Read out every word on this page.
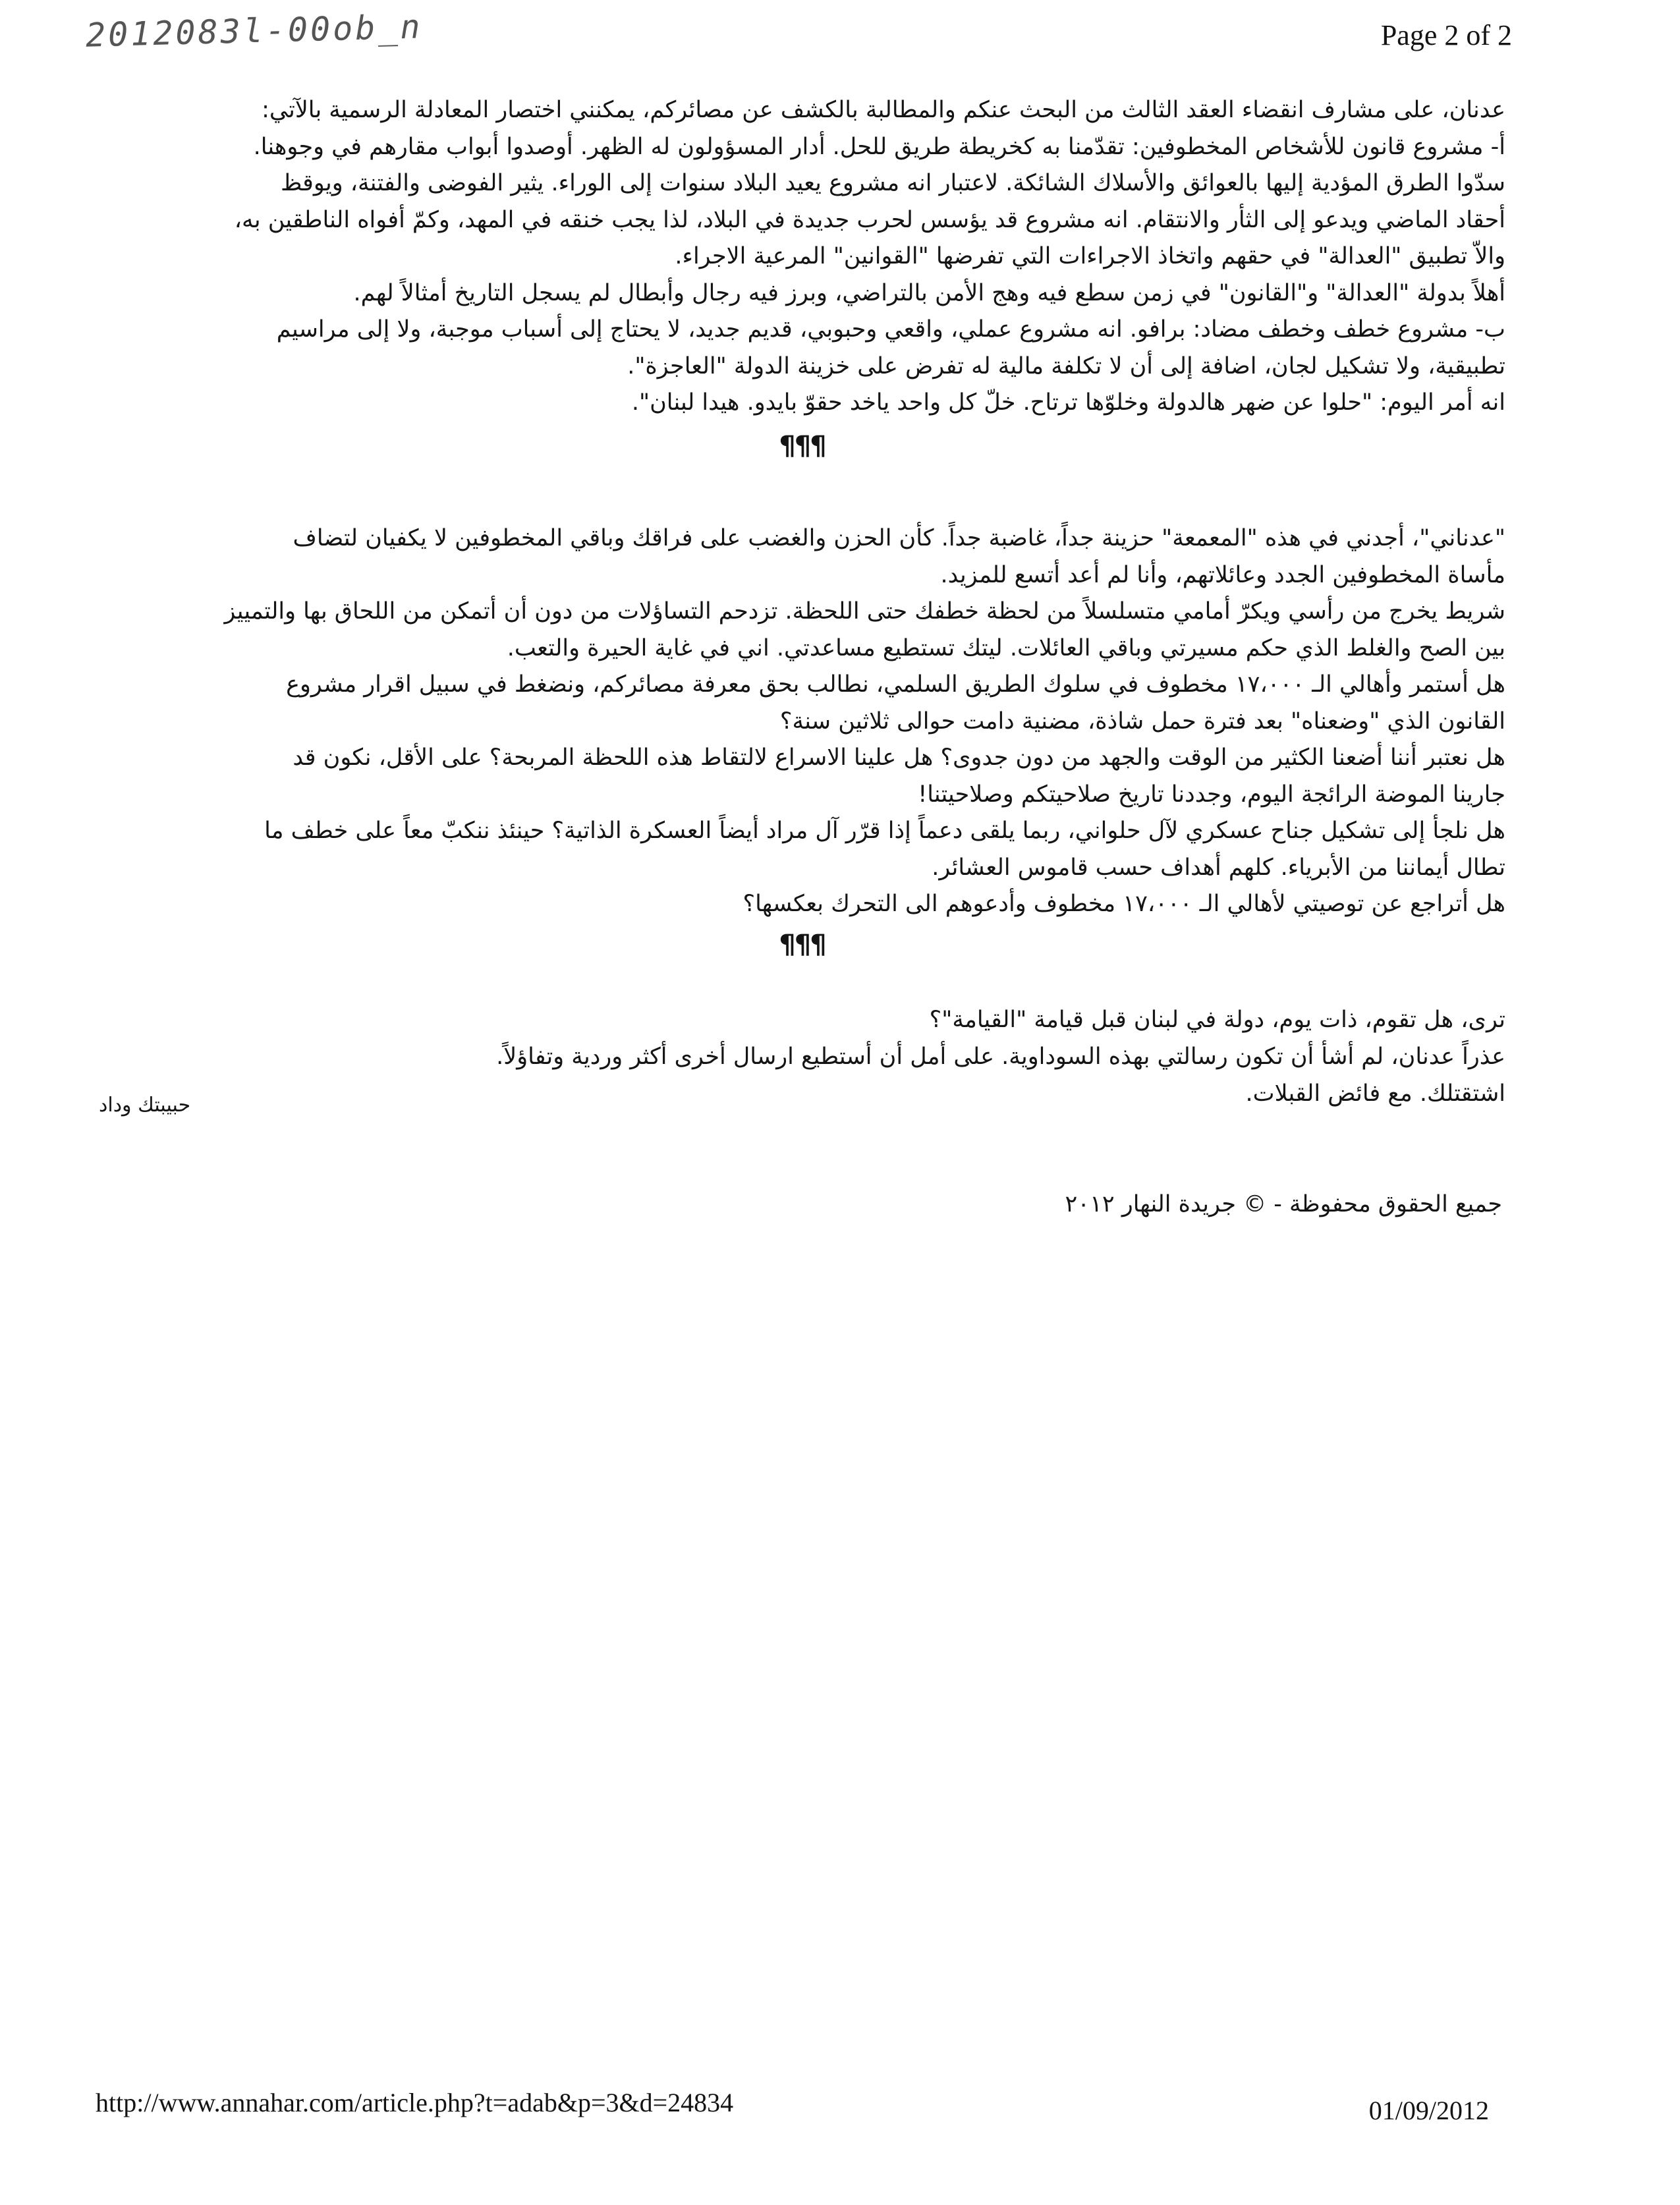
2012083l-00ob_n	Page 2 of 2

عدنان، على مشارف انقضاء العقد الثالث من البحث عنكم والمطالبة بالكشف عن مصائركم، يمكنني اختصار المعادلة الرسمية بالآتي:

أ- مشروع قانون للأشخاص المخطوفين: تقدّمنا به كخريطة طريق للحل. أدار المسؤولون له الظهر. أوصدوا أبواب مقارهم في وجوهنا.

سدّوا الطرق المؤدية إليها بالعوائق والأسلاك الشائكة. لاعتبار انه مشروع يعيد البلاد سنوات إلى الوراء. يثير الفوضى والفتنة، ويوقظ

أحقاد الماضي ويدعو إلى الثأر والانتقام. انه مشروع قد يؤسس لحرب جديدة في البلاد، لذا يجب خنقه في المهد، وكمّ أفواه الناطقين به،

والاّ تطبيق "العدالة" في حقهم واتخاذ الاجراءات التي تفرضها "القوانين" المرعية الاجراء.

أهلاً بدولة "العدالة" و"القانون" في زمن سطع فيه وهج الأمن بالتراضي، وبرز فيه رجال وأبطال لم يسجل التاريخ أمثالاً لهم.

ب- مشروع خطف وخطف مضاد: برافو. انه مشروع عملي، واقعي وحبوبي، قديم جديد، لا يحتاج إلى أسباب موجبة، ولا إلى مراسيم

تطبيقية، ولا تشكيل لجان، اضافة إلى أن لا تكلفة مالية له تفرض على خزينة الدولة "العاجزة".

انه أمر اليوم: "حلوا عن ضهر هالدولة وخلوّها ترتاح. خلّ كل واحد ياخد حقوّ بايدو. هيدا لبنان".

¶¶¶

"عدناني"، أجدني في هذه "المعمعة" حزينة جداً، غاضبة جداً. كأن الحزن والغضب على فراقك وباقي المخطوفين لا يكفيان لتضاف

مأساة المخطوفين الجدد وعائلاتهم، وأنا لم أعد أتسع للمزيد.

شريط يخرج من رأسي ويكرّ أمامي متسلسلاً من لحظة خطفك حتى اللحظة. تزدحم التساؤلات من دون أن أتمكن من اللحاق بها والتمييز

بين الصح والغلط الذي حكم مسيرتي وباقي العائلات. ليتك تستطيع مساعدتي. اني في غاية الحيرة والتعب.

هل أستمر وأهالي الـ ١٧،٠٠٠ مخطوف في سلوك الطريق السلمي، نطالب بحق معرفة مصائركم، ونضغط في سبيل اقرار مشروع

القانون الذي "وضعناه" بعد فترة حمل شاذة، مضنية دامت حوالى ثلاثين سنة؟

هل نعتبر أننا أضعنا الكثير من الوقت والجهد من دون جدوى؟ هل علينا الاسراع لالتقاط هذه اللحظة المربحة؟ على الأقل، نكون قد

جارينا الموضة الرائجة اليوم، وجددنا تاريخ صلاحيتكم وصلاحيتنا!

هل نلجأ إلى تشكيل جناح عسكري لآل حلواني، ربما يلقى دعماً إذا قرّر آل مراد أيضاً العسكرة الذاتية؟ حينئذ ننكبّ معاً على خطف ما

تطال أيماننا من الأبرياء. كلهم أهداف حسب قاموس العشائر.

هل أتراجع عن توصيتي لأهالي الـ ١٧،٠٠٠ مخطوف وأدعوهم الى التحرك بعكسها؟

¶¶¶

ترى، هل تقوم، ذات يوم، دولة في لبنان قبل قيامة "القيامة"؟

عذراً عدنان، لم أشأ أن تكون رسالتي بهذه السوداوية. على أمل أن أستطيع ارسال أخرى أكثر وردية وتفاؤلاً.

اشتقتلك. مع فائض القبلات.

حبيبتك وداد
جميع الحقوق محفوظة - © جريدة النهار ٢٠١٢
http://www.annahar.com/article.php?t=adab&p=3&d=24834	01/09/2012
